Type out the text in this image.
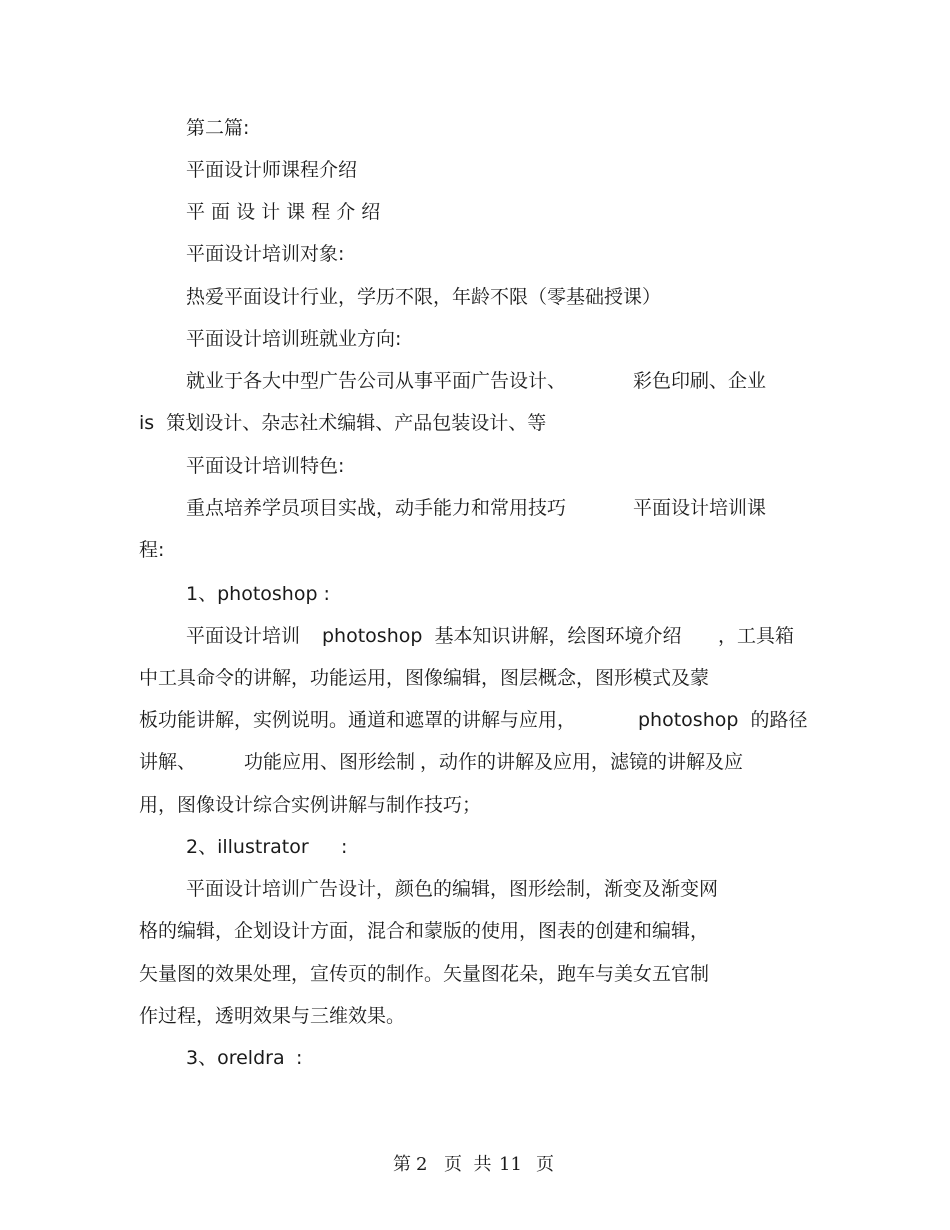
第二篇:
平面设计师课程介绍
平 面 设 计 课 程 介 绍
平面设计培训对象:
热爱平面设计行业，学历不限，年龄不限（零基础授课）
平面设计培训班就业方向:
就业于各大中型广告公司从事平面广告设计、	彩色印刷、企业
is  策划设计、杂志社术编辑、产品包装设计、等
平面设计培训特色:
重点培养学员项目实战，动手能力和常用技巧	平面设计培训课
程:
1、photoshop :
平面设计培训 photoshop  基本知识讲解，绘图环境介绍 ，工具箱
中工具命令的讲解，功能运用，图像编辑，图层概念，图形模式及蒙
板功能讲解，实例说明。通道和遮罩的讲解与应用，	photoshop  的路径
讲解、	功能应用、图形绘制 ，动作的讲解及应用，滤镜的讲解及应
用，图像设计综合实例讲解与制作技巧；
2、illustrator :
平面设计培训广告设计，颜色的编辑，图形绘制，渐变及渐变网
格的编辑，企划设计方面，混合和蒙版的使用，图表的创建和编辑，
矢量图的效果处理，宣传页的制作。矢量图花朵，跑车与美女五官制
作过程，透明效果与三维效果。
3、oreldra :
第 2 页  共 11 页
